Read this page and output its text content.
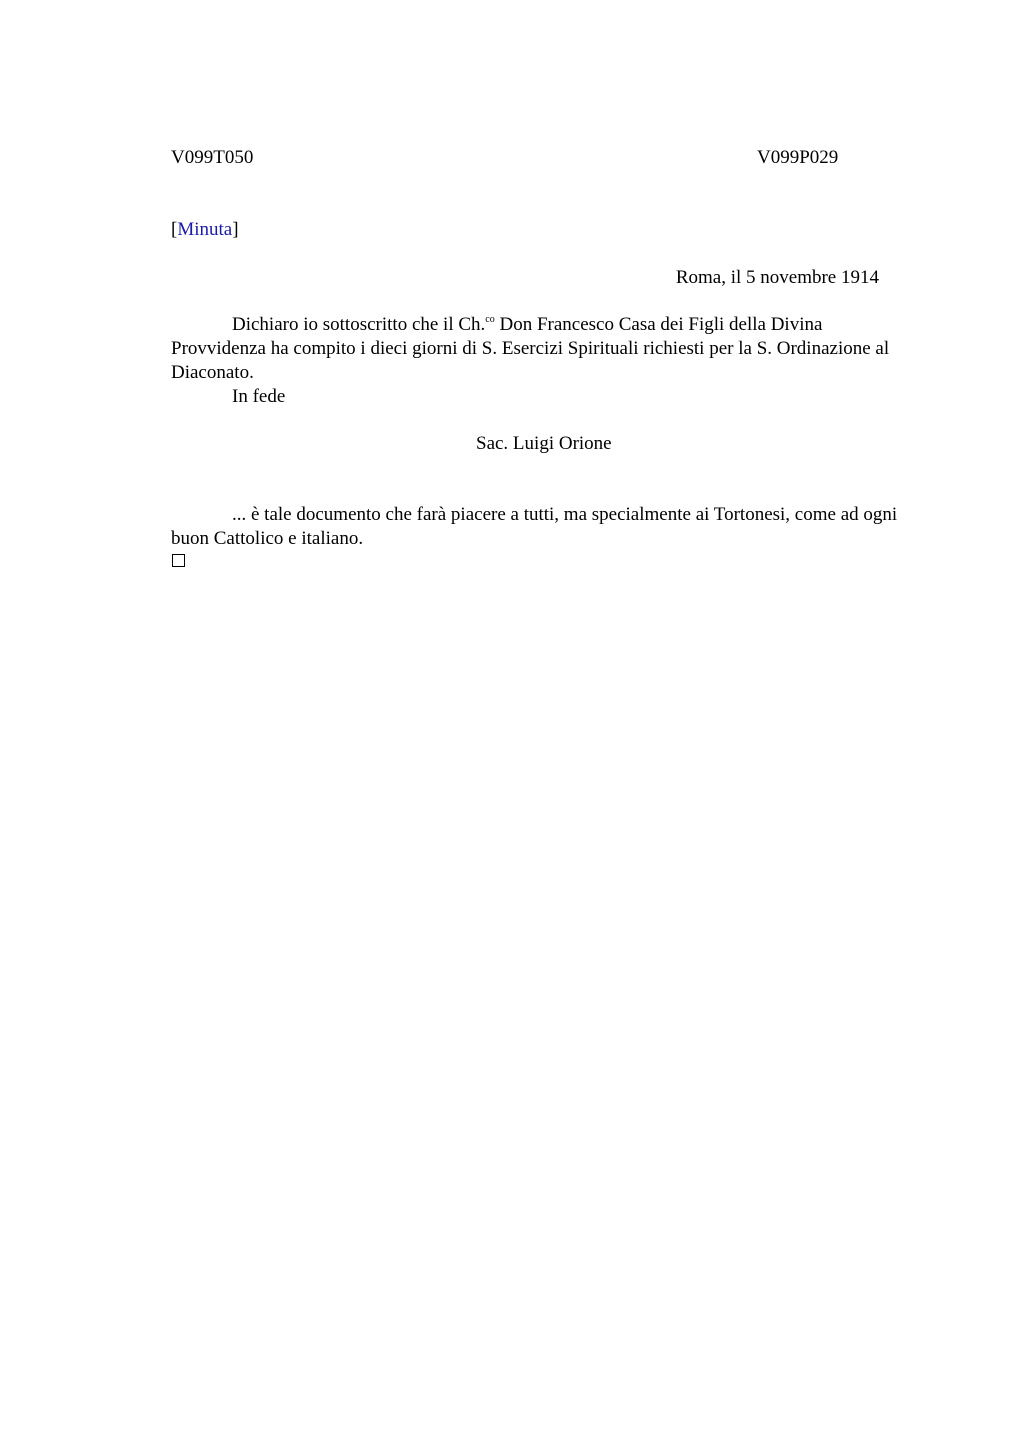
V099T050	V099P029
[Minuta]
Roma, il 5 novembre 1914
Dichiaro io sottoscritto che il Ch.$^{co}$ Don Francesco Casa dei Figli della Divina Provvidenza ha compito i dieci giorni di S. Esercizi Spirituali richiesti per la S. Ordinazione al Diaconato.
In fede
Sac. Luigi Orione
... è tale documento che farà piacere a tutti, ma specialmente ai Tortonesi, come ad ogni buon Cattolico e italiano.
